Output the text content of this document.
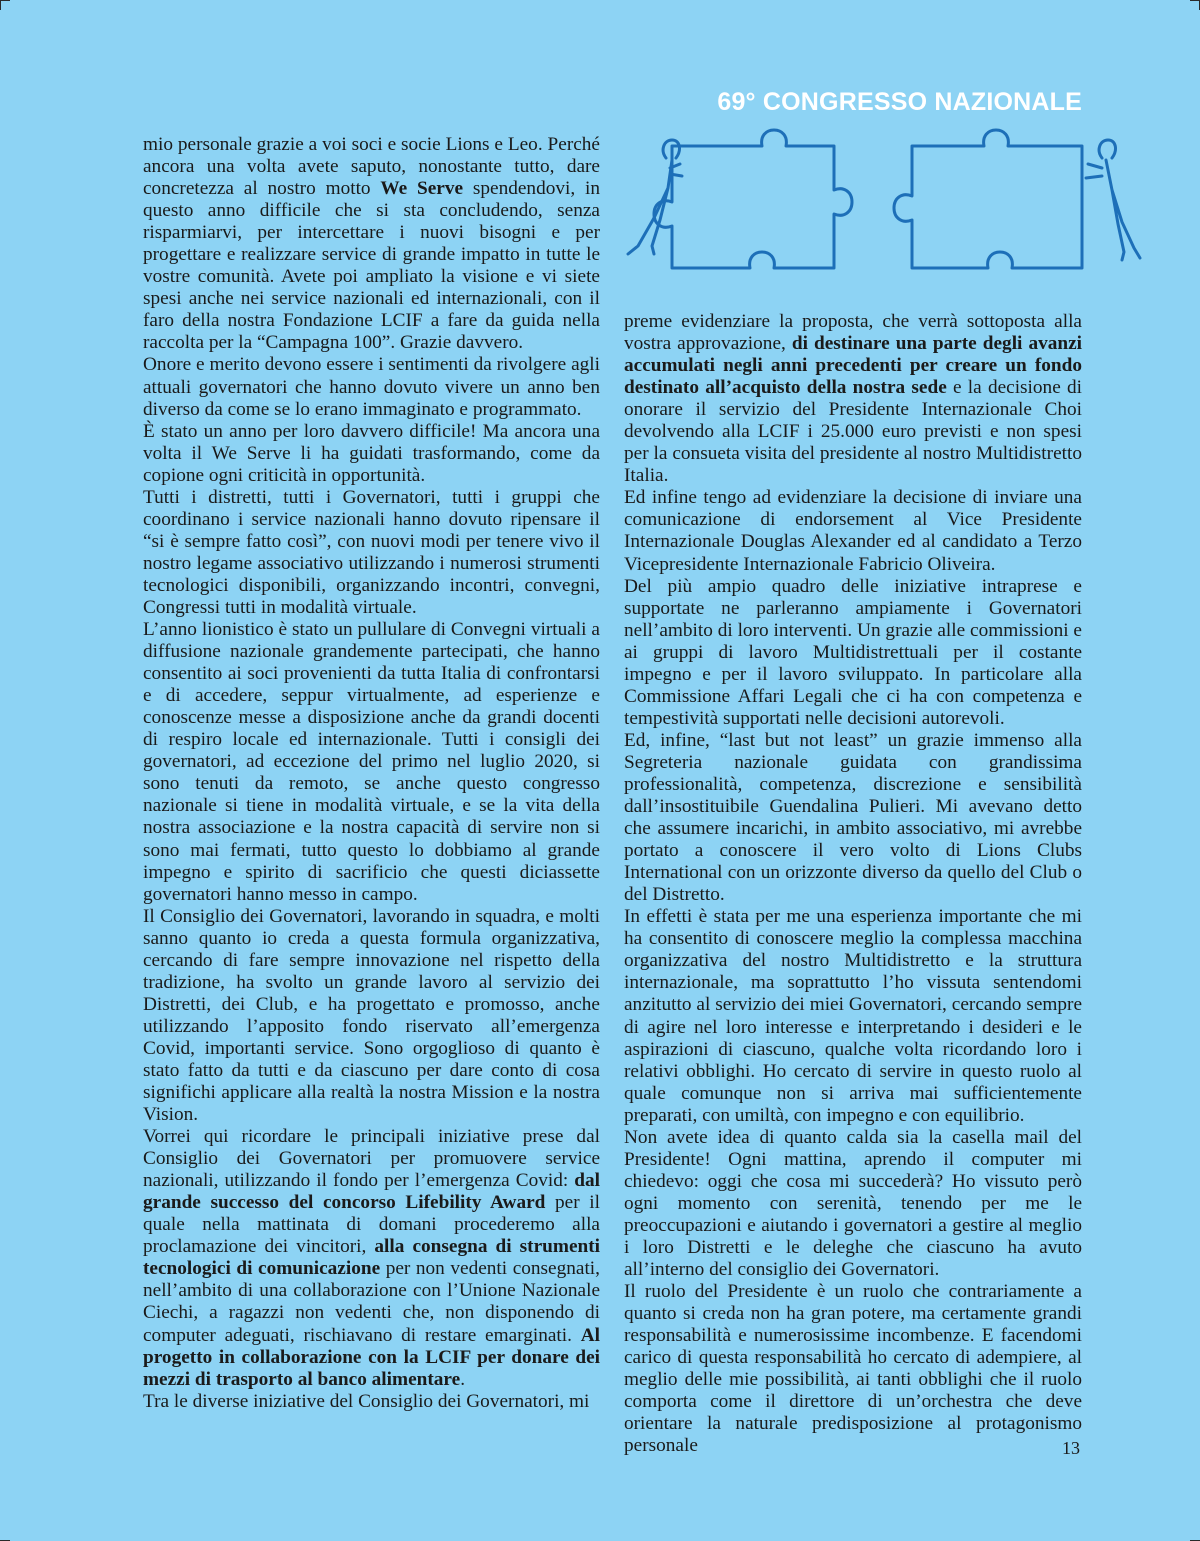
69° CONGRESSO NAZIONALE

mio personale grazie a voi soci e socie Lions e Leo. Perché ancora una volta avete saputo, nonostante tutto, dare concretezza al nostro motto We Serve spendendovi, in questo anno difficile che si sta concludendo, senza risparmiarvi, per intercettare i nuovi bisogni e per progettare e realizzare service di grande impatto in tutte le vostre comunità. Avete poi ampliato la visione e vi siete spesi anche nei service nazionali ed internazionali, con il faro della nostra Fondazione LCIF a fare da guida nella raccolta per la “Campagna 100”. Grazie davvero.

Onore e merito devono essere i sentimenti da rivolgere agli attuali governatori che hanno dovuto vivere un anno ben diverso da come se lo erano immaginato e programmato.

È stato un anno per loro davvero difficile! Ma ancora una volta il We Serve li ha guidati trasformando, come da copione ogni criticità in opportunità.

Tutti i distretti, tutti i Governatori, tutti i gruppi che coordinano i service nazionali hanno dovuto ripensare il “si è sempre fatto così”, con nuovi modi per tenere vivo il nostro legame associativo utilizzando i numerosi strumenti tecnologici disponibili, organizzando incontri, convegni, Congressi tutti in modalità virtuale.

L’anno lionistico è stato un pullulare di Convegni virtuali a diffusione nazionale grandemente partecipati, che hanno consentito ai soci provenienti da tutta Italia di confrontarsi e di accedere, seppur virtualmente, ad esperienze e conoscenze messe a disposizione anche da grandi docenti di respiro locale ed internazionale. Tutti i consigli dei governatori, ad eccezione del primo nel luglio 2020, si sono tenuti da remoto, se anche questo congresso nazionale si tiene in modalità virtuale, e se la vita della nostra associazione e la nostra capacità di servire non si sono mai fermati, tutto questo lo dobbiamo al grande impegno e spirito di sacrificio che questi diciassette governatori hanno messo in campo.

Il Consiglio dei Governatori, lavorando in squadra, e molti sanno quanto io creda a questa formula organizzativa, cercando di fare sempre innovazione nel rispetto della tradizione, ha svolto un grande lavoro al servizio dei Distretti, dei Club, e ha progettato e promosso, anche utilizzando l’apposito fondo riservato all’emergenza Covid, importanti service. Sono orgoglioso di quanto è stato fatto da tutti e da ciascuno per dare conto di cosa significhi applicare alla realtà la nostra Mission e la nostra Vision.

Vorrei qui ricordare le principali iniziative prese dal Consiglio dei Governatori per promuovere service nazionali, utilizzando il fondo per l’emergenza Covid: dal grande successo del concorso Lifebility Award per il quale nella mattinata di domani procederemo alla proclamazione dei vincitori, alla consegna di strumenti tecnologici di comunicazione per non vedenti consegnati, nell’ambito di una collaborazione con l’Unione Nazionale Ciechi, a ragazzi non vedenti che, non disponendo di computer adeguati, rischiavano di restare emarginati. Al progetto in collaborazione con la LCIF per donare dei mezzi di trasporto al banco alimentare.

Tra le diverse iniziative del Consiglio dei Governatori, mi

preme evidenziare la proposta, che verrà sottoposta alla vostra approvazione, di destinare una parte degli avanzi accumulati negli anni precedenti per creare un fondo destinato all’acquisto della nostra sede e la decisione di onorare il servizio del Presidente Internazionale Choi devolvendo alla LCIF i 25.000 euro previsti e non spesi per la consueta visita del presidente al nostro Multidistretto Italia.

Ed infine tengo ad evidenziare la decisione di inviare una comunicazione di endorsement al Vice Presidente Internazionale Douglas Alexander ed al candidato a Terzo Vicepresidente Internazionale Fabricio Oliveira.

Del più ampio quadro delle iniziative intraprese e supportate ne parleranno ampiamente i Governatori nell’ambito di loro interventi. Un grazie alle commissioni e ai gruppi di lavoro Multidistrettuali per il costante impegno e per il lavoro sviluppato. In particolare alla Commissione Affari Legali che ci ha con competenza e tempestività supportati nelle decisioni autorevoli.

Ed, infine, “last but not least” un grazie immenso alla Segreteria nazionale guidata con grandissima professionalità, competenza, discrezione e sensibilità dall’insostituibile Guendalina Pulieri. Mi avevano detto che assumere incarichi, in ambito associativo, mi avrebbe portato a conoscere il vero volto di Lions Clubs International con un orizzonte diverso da quello del Club o del Distretto.

In effetti è stata per me una esperienza importante che mi ha consentito di conoscere meglio la complessa macchina organizzativa del nostro Multidistretto e la struttura internazionale, ma soprattutto l’ho vissuta sentendomi anzitutto al servizio dei miei Governatori, cercando sempre di agire nel loro interesse e interpretando i desideri e le aspirazioni di ciascuno, qualche volta ricordando loro i relativi obblighi. Ho cercato di servire in questo ruolo al quale comunque non si arriva mai sufficientemente preparati, con umiltà, con impegno e con equilibrio.

Non avete idea di quanto calda sia la casella mail del Presidente! Ogni mattina, aprendo il computer mi chiedevo: oggi che cosa mi succederà? Ho vissuto però ogni momento con serenità, tenendo per me le preoccupazioni e aiutando i governatori a gestire al meglio i loro Distretti e le deleghe che ciascuno ha avuto all’interno del consiglio dei Governatori.

Il ruolo del Presidente è un ruolo che contrariamente a quanto si creda non ha gran potere, ma certamente grandi responsabilità e numerosissime incombenze. E facendomi carico di questa responsabilità ho cercato di adempiere, al meglio delle mie possibilità, ai tanti obblighi che il ruolo comporta come il direttore di un’orchestra che deve orientare la naturale predisposizione al protagonismo personale	13
